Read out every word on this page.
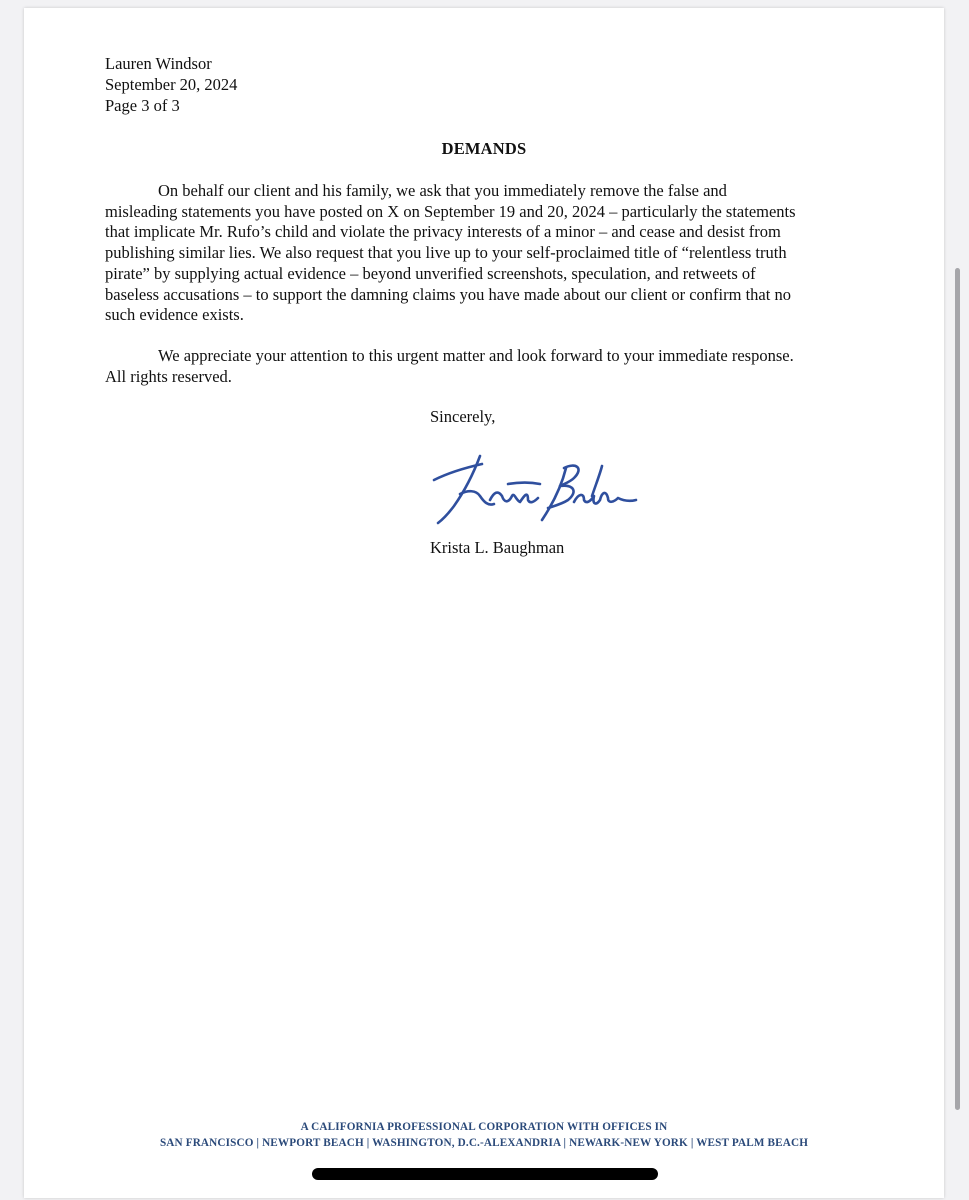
Lauren Windsor
September 20, 2024
Page 3 of 3
DEMANDS

On behalf our client and his family, we ask that you immediately remove the false and
misleading statements you have posted on X on September 19 and 20, 2024 – particularly the statements
that implicate Mr. Rufo’s child and violate the privacy interests of a minor – and cease and desist from
publishing similar lies. We also request that you live up to your self-proclaimed title of “relentless truth
pirate” by supplying actual evidence – beyond unverified screenshots, speculation, and retweets of
baseless accusations – to support the damning claims you have made about our client or confirm that no
such evidence exists.

We appreciate your attention to this urgent matter and look forward to your immediate response.
All rights reserved.

Sincerely,
Krista L. Baughman
A CALIFORNIA PROFESSIONAL CORPORATION WITH OFFICES IN
SAN FRANCISCO | NEWPORT BEACH | WASHINGTON, D.C.-ALEXANDRIA | NEWARK-NEW YORK | WEST PALM BEACH
